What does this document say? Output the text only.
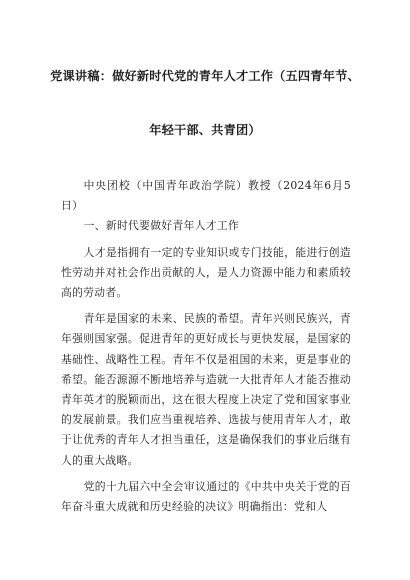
党课讲稿：做好新时代党的青年人才工作（五四青年节、
年轻干部、共青团）

中央团校（中国青年政治学院）教授（2024年6月5日）

一、新时代要做好青年人才工作

人才是指拥有一定的专业知识或专门技能，能进行创造性劳动并对社会作出贡献的人，是人力资源中能力和素质较高的劳动者。

青年是国家的未来、民族的希望。青年兴则民族兴，青年强则国家强。促进青年的更好成长与更快发展，是国家的基础性、战略性工程。青年不仅是祖国的未来，更是事业的希望。能否源源不断地培养与造就一大批青年人才能否推动青年英才的脱颖而出，这在很大程度上决定了党和国家事业的发展前景。我们应当重视培养、选拔与使用青年人才，敢于让优秀的青年人才担当重任，这是确保我们的事业后继有人的重大战略。

党的十九届六中全会审议通过的《中共中央关于党的百年奋斗重大成就和历史经验的决议》明确指出：党和人
